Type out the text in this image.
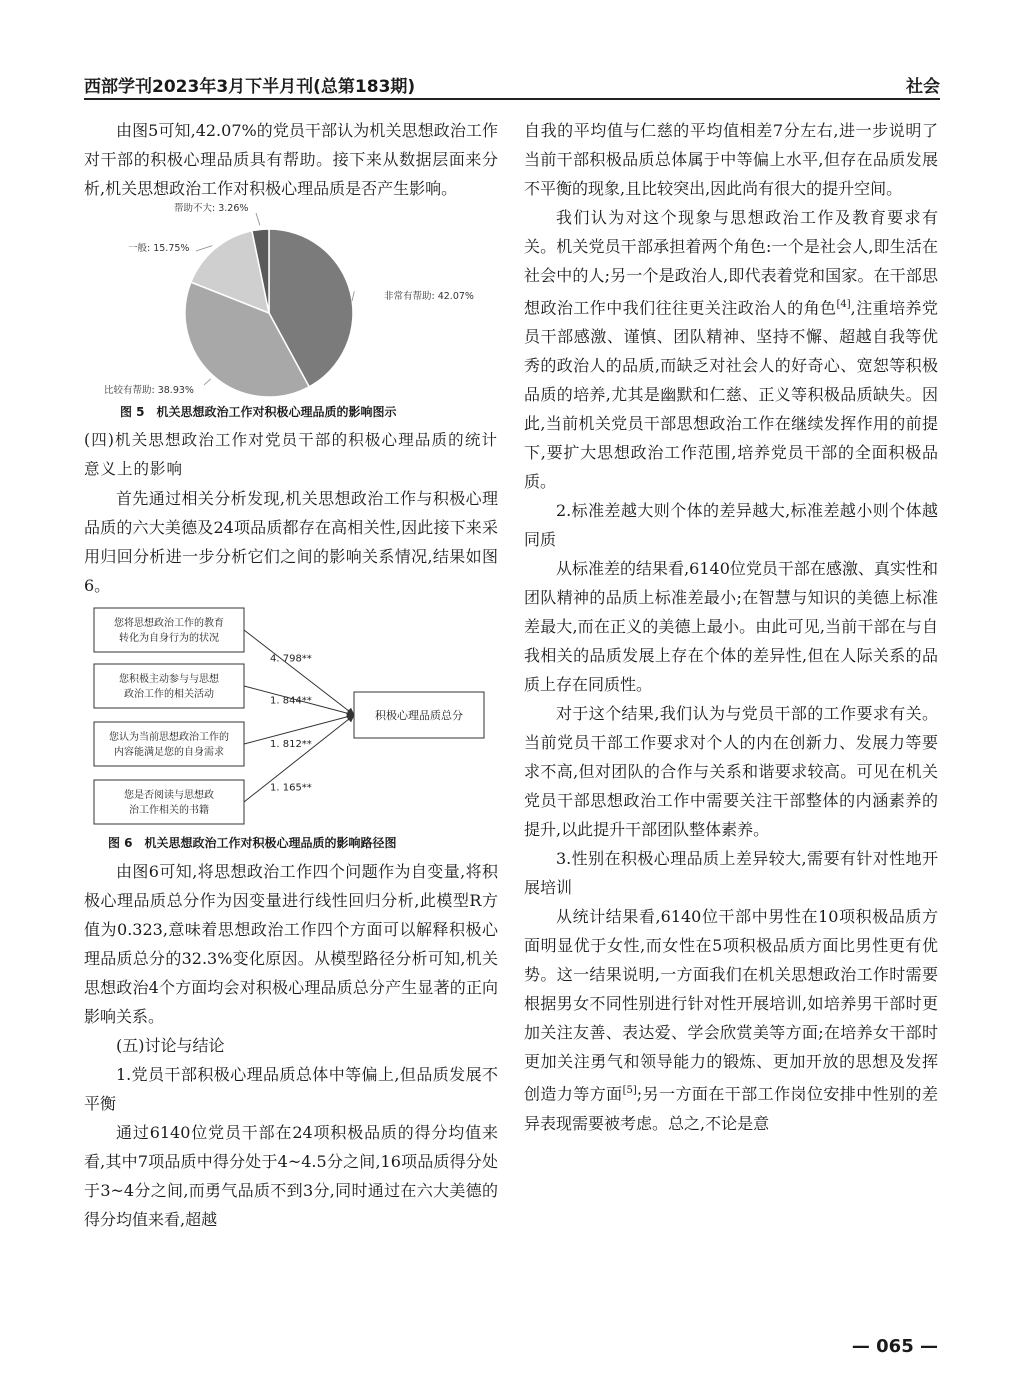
西部学刊2023年3月下半月刊(总第183期)	社会

由图5可知,42.07%的党员干部认为机关思想政治工作对干部的积极心理品质具有帮助。接下来从数据层面来分析,机关思想政治工作对积极心理品质是否产生影响。

非常有帮助: 42.07%
比较有帮助: 38.93%
一般: 15.75%
帮助不大: 3.26%
图 5　机关思想政治工作对积极心理品质的影响图示

(四)机关思想政治工作对党员干部的积极心理品质的统计意义上的影响

首先通过相关分析发现,机关思想政治工作与积极心理品质的六大美德及24项品质都存在高相关性,因此接下来采用归回分析进一步分析它们之间的影响关系情况,结果如图6。

您将思想政治工作的教育
转化为自身行为的状况
4. 798**
您积极主动参与与思想
政治工作的相关活动
1. 844**
您认为当前思想政治工作的
内容能满足您的自身需求
1. 812**
您是否阅读与思想政
治工作相关的书籍
1. 165**
积极心理品质总分
图 6　机关思想政治工作对积极心理品质的影响路径图

由图6可知,将思想政治工作四个问题作为自变量,将积极心理品质总分作为因变量进行线性回归分析,此模型R方值为0.323,意味着思想政治工作四个方面可以解释积极心理品质总分的32.3%变化原因。从模型路径分析可知,机关思想政治4个方面均会对积极心理品质总分产生显著的正向影响关系。

(五)讨论与结论

1.党员干部积极心理品质总体中等偏上,但品质发展不平衡

通过6140位党员干部在24项积极品质的得分均值来看,其中7项品质中得分处于4~4.5分之间,16项品质得分处于3~4分之间,而勇气品质不到3分,同时通过在六大美德的得分均值来看,超越

自我的平均值与仁慈的平均值相差7分左右,进一步说明了当前干部积极品质总体属于中等偏上水平,但存在品质发展不平衡的现象,且比较突出,因此尚有很大的提升空间。

我们认为对这个现象与思想政治工作及教育要求有关。机关党员干部承担着两个角色:一个是社会人,即生活在社会中的人;另一个是政治人,即代表着党和国家。在干部思想政治工作中我们往往更关注政治人的角色[4],注重培养党员干部感激、谨慎、团队精神、坚持不懈、超越自我等优秀的政治人的品质,而缺乏对社会人的好奇心、宽恕等积极品质的培养,尤其是幽默和仁慈、正义等积极品质缺失。因此,当前机关党员干部思想政治工作在继续发挥作用的前提下,要扩大思想政治工作范围,培养党员干部的全面积极品质。

2.标准差越大则个体的差异越大,标准差越小则个体越同质

从标准差的结果看,6140位党员干部在感激、真实性和团队精神的品质上标准差最小;在智慧与知识的美德上标准差最大,而在正义的美德上最小。由此可见,当前干部在与自我相关的品质发展上存在个体的差异性,但在人际关系的品质上存在同质性。

对于这个结果,我们认为与党员干部的工作要求有关。当前党员干部工作要求对个人的内在创新力、发展力等要求不高,但对团队的合作与关系和谐要求较高。可见在机关党员干部思想政治工作中需要关注干部整体的内涵素养的提升,以此提升干部团队整体素养。

3.性别在积极心理品质上差异较大,需要有针对性地开展培训

从统计结果看,6140位干部中男性在10项积极品质方面明显优于女性,而女性在5项积极品质方面比男性更有优势。这一结果说明,一方面我们在机关思想政治工作时需要根据男女不同性别进行针对性开展培训,如培养男干部时更加关注友善、表达爱、学会欣赏美等方面;在培养女干部时更加关注勇气和领导能力的锻炼、更加开放的思想及发挥创造力等方面[5];另一方面在干部工作岗位安排中性别的差异表现需要被考虑。总之,不论是意

— 065 —
